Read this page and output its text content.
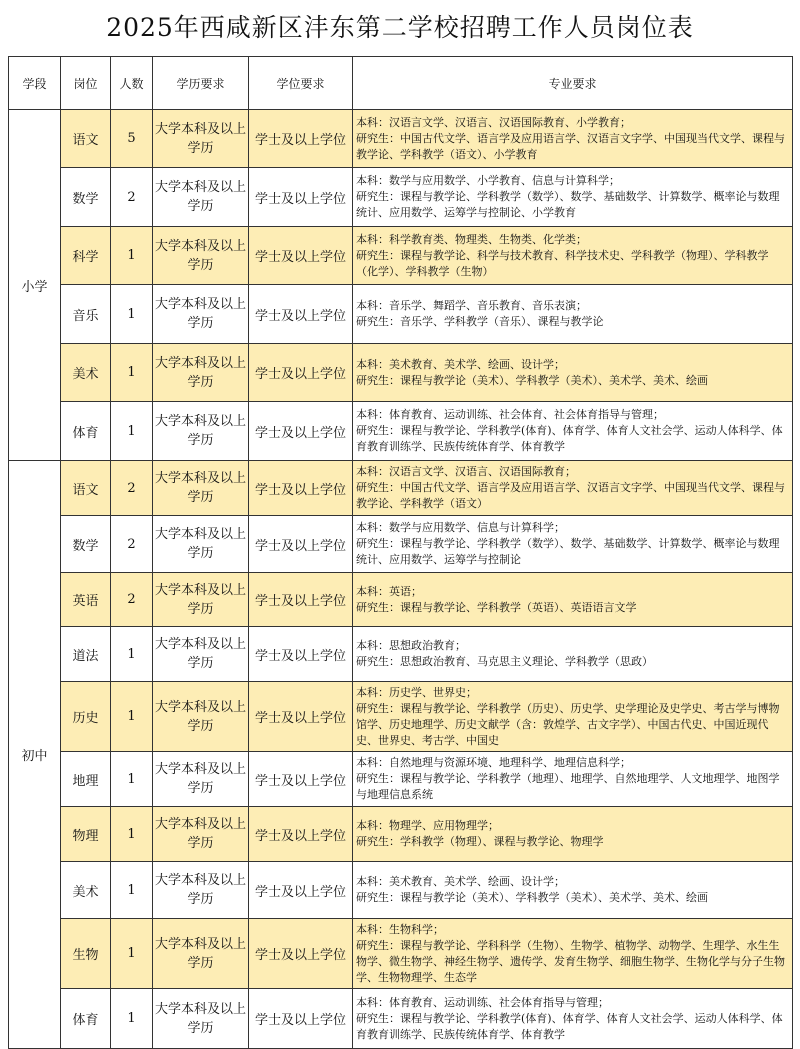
2025年西咸新区沣东第二学校招聘工作人员岗位表
学段	岗位	人数	学历要求	学位要求	专业要求
小学	语文	5	大学本科及以上学历	学士及以上学位	本科：汉语言文学、汉语言、汉语国际教育、小学教育；
研究生：中国古代文学、语言学及应用语言学、汉语言文字学、中国现当代文学、课程与教学论、学科教学（语文）、小学教育

	数学	2	大学本科及以上学历	学士及以上学位	本科：数学与应用数学、小学教育、信息与计算科学；
研究生：课程与教学论、学科教学（数学）、数学、基础数学、计算数学、概率论与数理统计、应用数学、运筹学与控制论、小学教育

	科学	1	大学本科及以上学历	学士及以上学位	本科：科学教育类、物理类、生物类、化学类；
研究生：课程与教学论、科学与技术教育、科学技术史、学科教学（物理）、学科教学（化学）、学科教学（生物）

	音乐	1	大学本科及以上学历	学士及以上学位	本科：音乐学、舞蹈学、音乐教育、音乐表演；
研究生：音乐学、学科教学（音乐）、课程与教学论

	美术	1	大学本科及以上学历	学士及以上学位	本科：美术教育、美术学、绘画、设计学；
研究生：课程与教学论（美术）、学科教学（美术）、美术学、美术、绘画

	体育	1	大学本科及以上学历	学士及以上学位	本科：体育教育、运动训练、社会体育、社会体育指导与管理；
研究生：课程与教学论、学科教学(体育)、体育学、体育人文社会学、运动人体科学、体育教育训练学、民族传统体育学、体育教学

初中	语文	2	大学本科及以上学历	学士及以上学位	本科：汉语言文学、汉语言、汉语国际教育；
研究生：中国古代文学、语言学及应用语言学、汉语言文字学、中国现当代文学、课程与教学论、学科教学（语文）

	数学	2	大学本科及以上学历	学士及以上学位	本科：数学与应用数学、信息与计算科学；
研究生：课程与教学论、学科教学（数学）、数学、基础数学、计算数学、概率论与数理统计、应用数学、运筹学与控制论

	英语	2	大学本科及以上学历	学士及以上学位	本科：英语；
研究生：课程与教学论、学科教学（英语）、英语语言文学

	道法	1	大学本科及以上学历	学士及以上学位	本科：思想政治教育；
研究生：思想政治教育、马克思主义理论、学科教学（思政）

	历史	1	大学本科及以上学历	学士及以上学位	本科：历史学、世界史；
研究生：课程与教学论、学科教学（历史）、历史学、史学理论及史学史、考古学与博物馆学、历史地理学、历史文献学（含：敦煌学、古文字学）、中国古代史、中国近现代史、世界史、考古学、中国史

	地理	1	大学本科及以上学历	学士及以上学位	本科：自然地理与资源环境、地理科学、地理信息科学；
研究生：课程与教学论、学科教学（地理）、地理学、自然地理学、人文地理学、地图学与地理信息系统

	物理	1	大学本科及以上学历	学士及以上学位	本科：物理学、应用物理学；
研究生：学科教学（物理）、课程与教学论、物理学

	美术	1	大学本科及以上学历	学士及以上学位	本科：美术教育、美术学、绘画、设计学；
研究生：课程与教学论（美术）、学科教学（美术）、美术学、美术、绘画

	生物	1	大学本科及以上学历	学士及以上学位	本科：生物科学；
研究生：课程与教学论、学科科学（生物）、生物学、植物学、动物学、生理学、水生生物学、微生物学、神经生物学、遗传学、发育生物学、细胞生物学、生物化学与分子生物学、生物物理学、生态学

	体育	1	大学本科及以上学历	学士及以上学位	本科：体育教育、运动训练、社会体育指导与管理；
研究生：课程与教学论、学科教学(体育)、体育学、体育人文社会学、运动人体科学、体育教育训练学、民族传统体育学、体育教学
